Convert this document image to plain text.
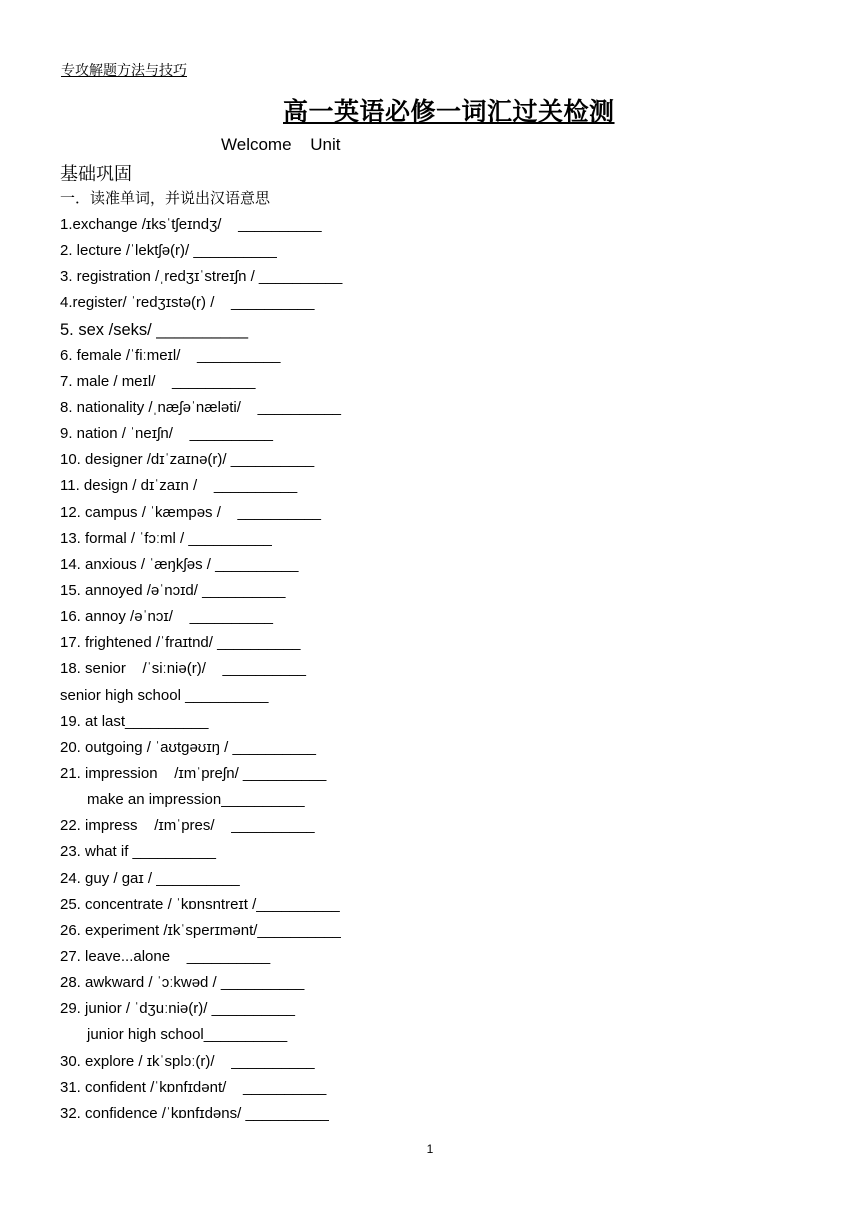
专攻解题方法与技巧
高一英语必修一词汇过关检测
Welcome Unit
基础巩固
一．读准单词，并说出汉语意思
1.exchange /ɪksˈtʃeɪndʒ/    __________
2. lecture /ˈlektʃə(r)/ __________
3. registration /ˌredʒɪˈstreɪʃn / __________
4.register/ ˈredʒɪstə(r) /    __________
5. sex /seks/ __________
6. female /ˈfiːmeɪl/    __________
7. male / meɪl/    __________
8. nationality /ˌnæʃəˈnæləti/    __________
9. nation / ˈneɪʃn/    __________
10. designer /dɪˈzaɪnə(r)/ __________
11. design / dɪˈzaɪn /    __________
12. campus / ˈkæmpəs /    __________
13. formal / ˈfɔːml / __________
14. anxious / ˈæŋkʃəs / __________
15. annoyed /əˈnɔɪd/ __________
16. annoy /əˈnɔɪ/    __________
17. frightened /ˈfraɪtnd/ __________
18. senior    /ˈsiːniə(r)/    __________
senior high school __________
19. at last__________
20. outgoing / ˈaʊtɡəʊɪŋ / __________
21. impression    /ɪmˈpreʃn/ __________
make an impression__________
22. impress    /ɪmˈpres/    __________
23. what if __________
24. guy / ɡaɪ / __________
25. concentrate / ˈkɒnsntreɪt /__________
26. experiment /ɪkˈsperɪmənt/__________
27. leave...alone    __________
28. awkward / ˈɔːkwəd / __________
29. junior / ˈdʒuːniə(r)/ __________
junior high school__________
30. explore / ɪkˈsplɔː(r)/    __________
31. confident /ˈkɒnfɪdənt/    __________
32. confidence /ˈkɒnfɪdəns/ __________
1
